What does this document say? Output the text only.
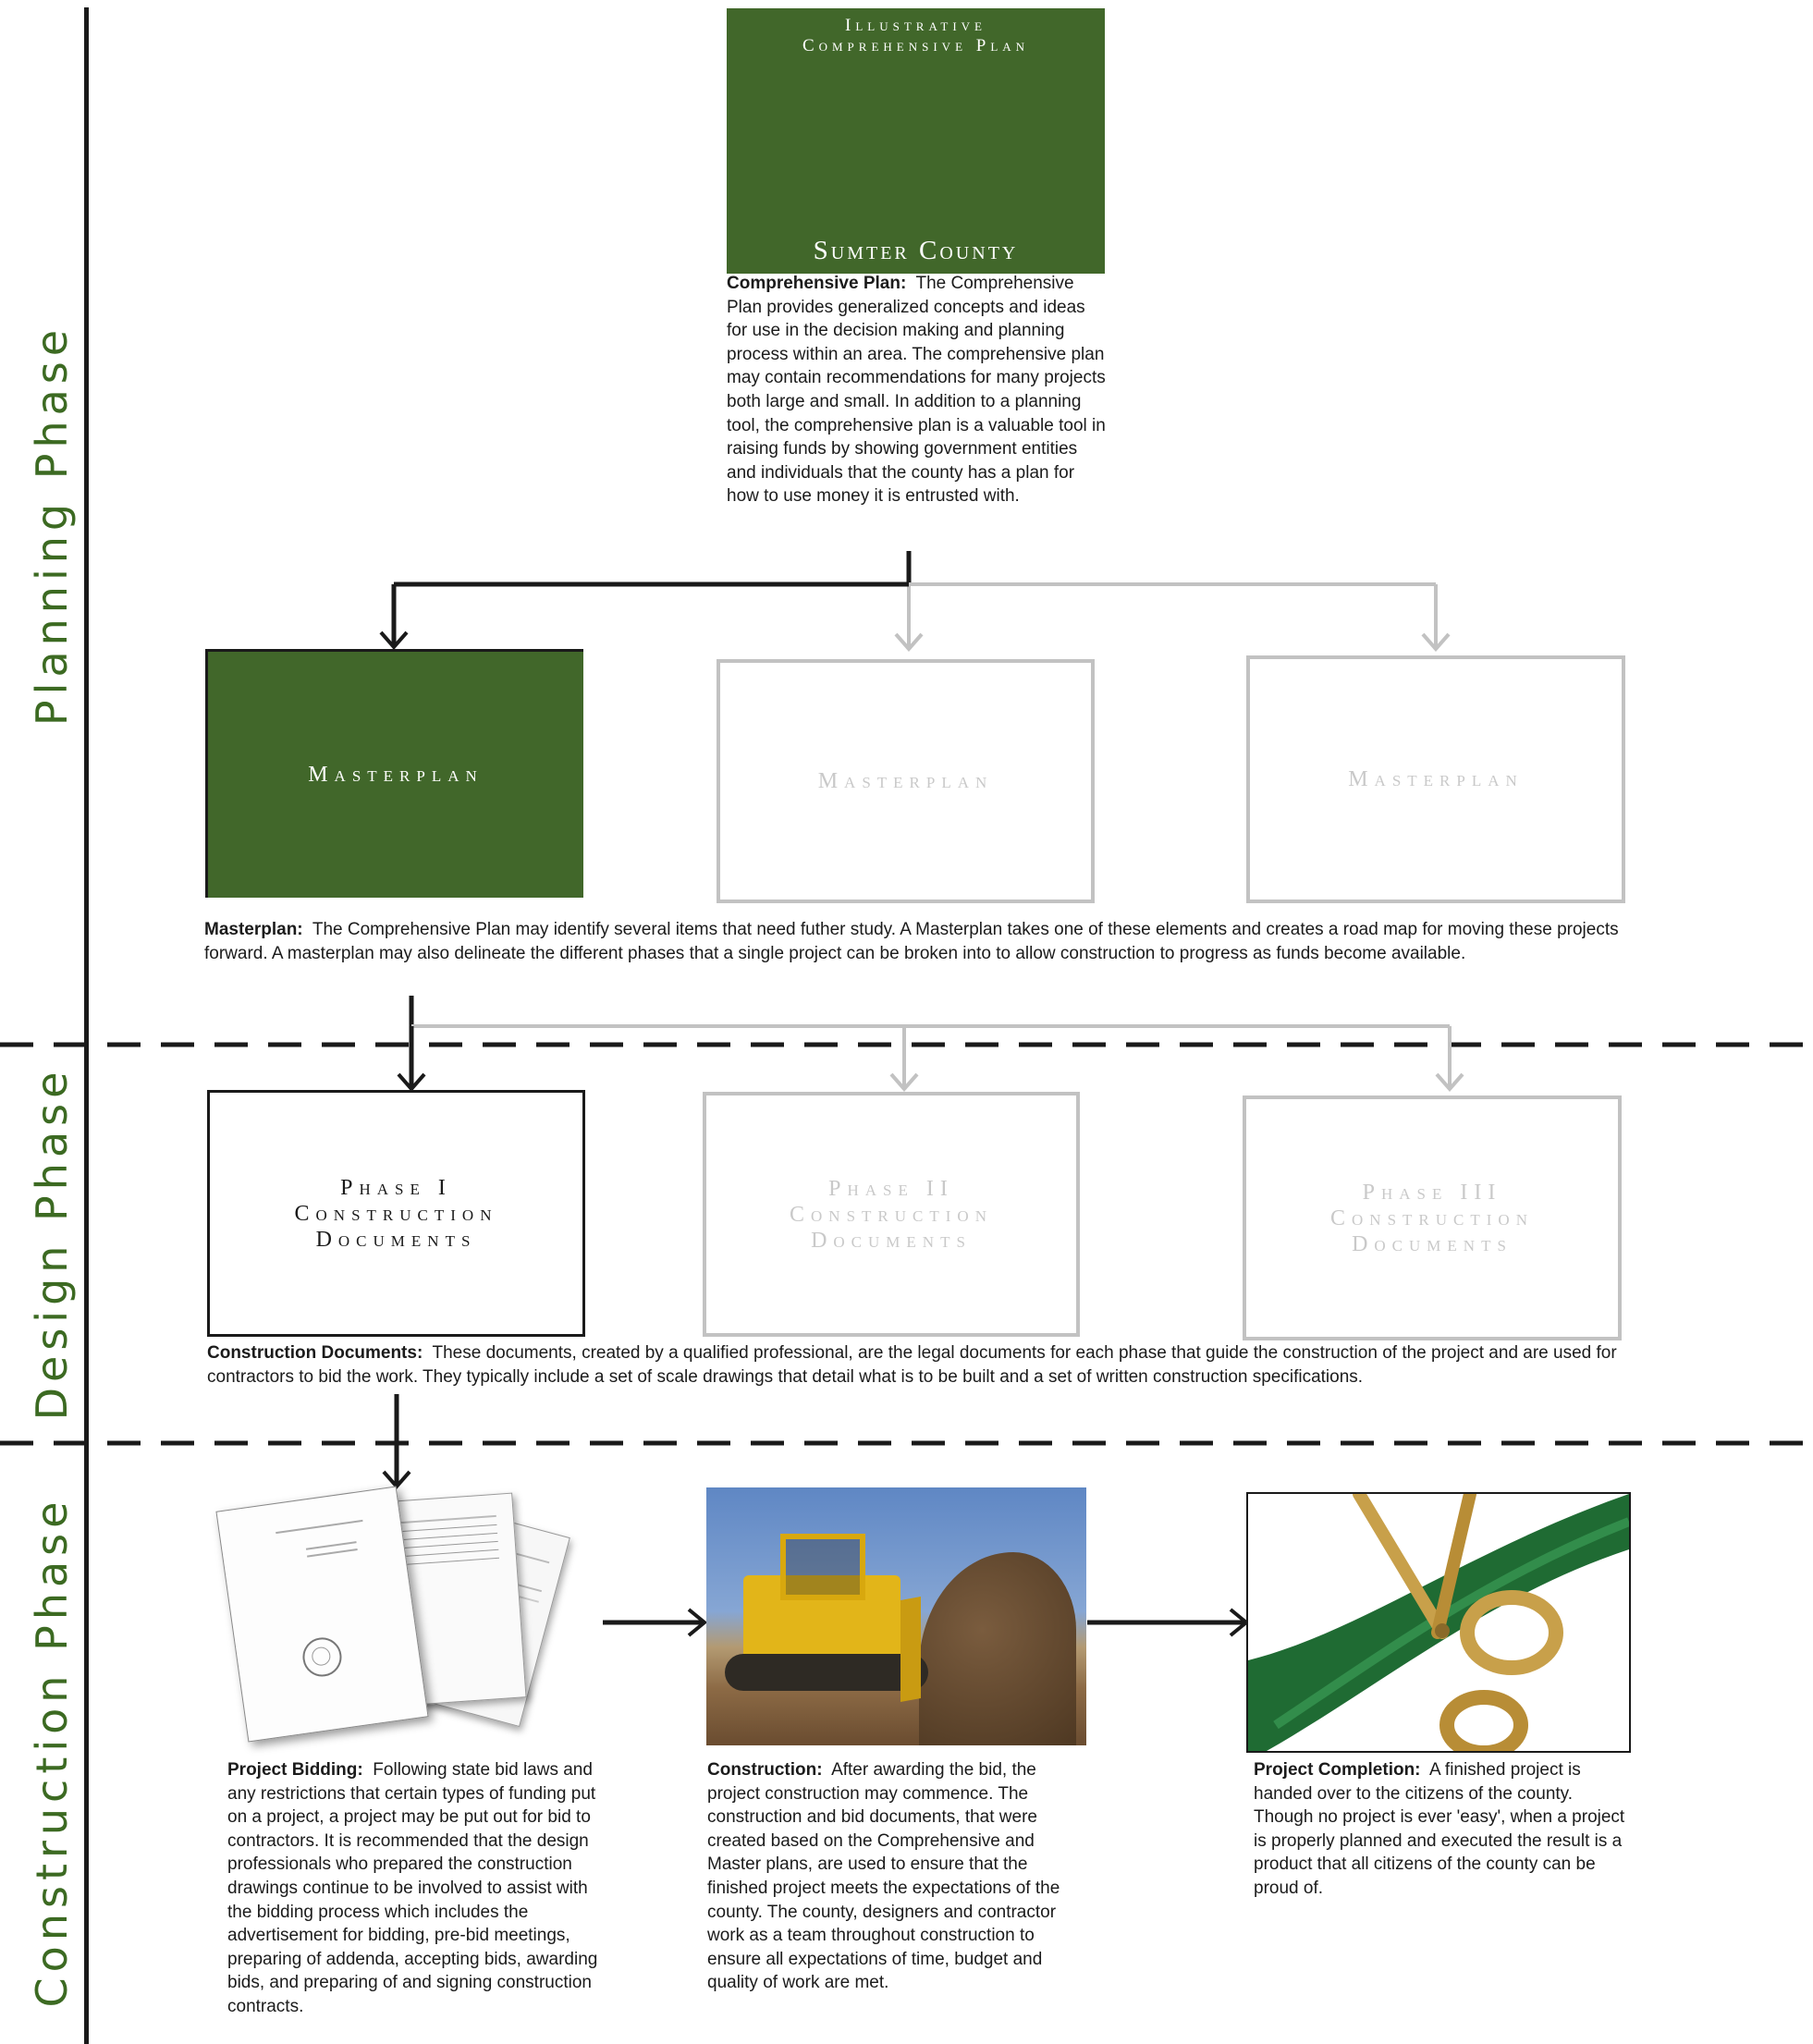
Planning Phase
Design Phase
Construction Phase
Illustrative
Comprehensive Plan
Sumter County
Comprehensive Plan: The Comprehensive Plan provides generalized concepts and ideas for use in the decision making and planning process within an area. The comprehensive plan may contain recommendations for many projects both large and small. In addition to a planning tool, the comprehensive plan is a valuable tool in raising funds by showing government entities and individuals that the county has a plan for how to use money it is entrusted with.
Masterplan	Masterplan	Masterplan
Masterplan: The Comprehensive Plan may identify several items that need futher study. A Masterplan takes one of these elements and creates a road map for moving these projects forward. A masterplan may also delineate the different phases that a single project can be broken into to allow construction to progress as funds become available.
Phase I
Construction
Documents
Phase II
Construction
Documents
Phase III
Construction
Documents
Construction Documents: These documents, created by a qualified professional, are the legal documents for each phase that guide the construction of the project and are used for contractors to bid the work. They typically include a set of scale drawings that detail what is to be built and a set of written construction specifications.
Project Bidding: Following state bid laws and any restrictions that certain types of funding put on a project, a project may be put out for bid to contractors. It is recommended that the design professionals who prepared the construction drawings continue to be involved to assist with the bidding process which includes the advertisement for bidding, pre-bid meetings, preparing of addenda, accepting bids, awarding bids, and preparing of and signing construction contracts.
Construction: After awarding the bid, the project construction may commence. The construction and bid documents, that were created based on the Comprehensive and Master plans, are used to ensure that the finished project meets the expectations of the county. The county, designers and contractor work as a team throughout construction to ensure all expectations of time, budget and quality of work are met.
Project Completion: A finished project is handed over to the citizens of the county. Though no project is ever 'easy', when a project is properly planned and executed the result is a product that all citizens of the county can be proud of.
